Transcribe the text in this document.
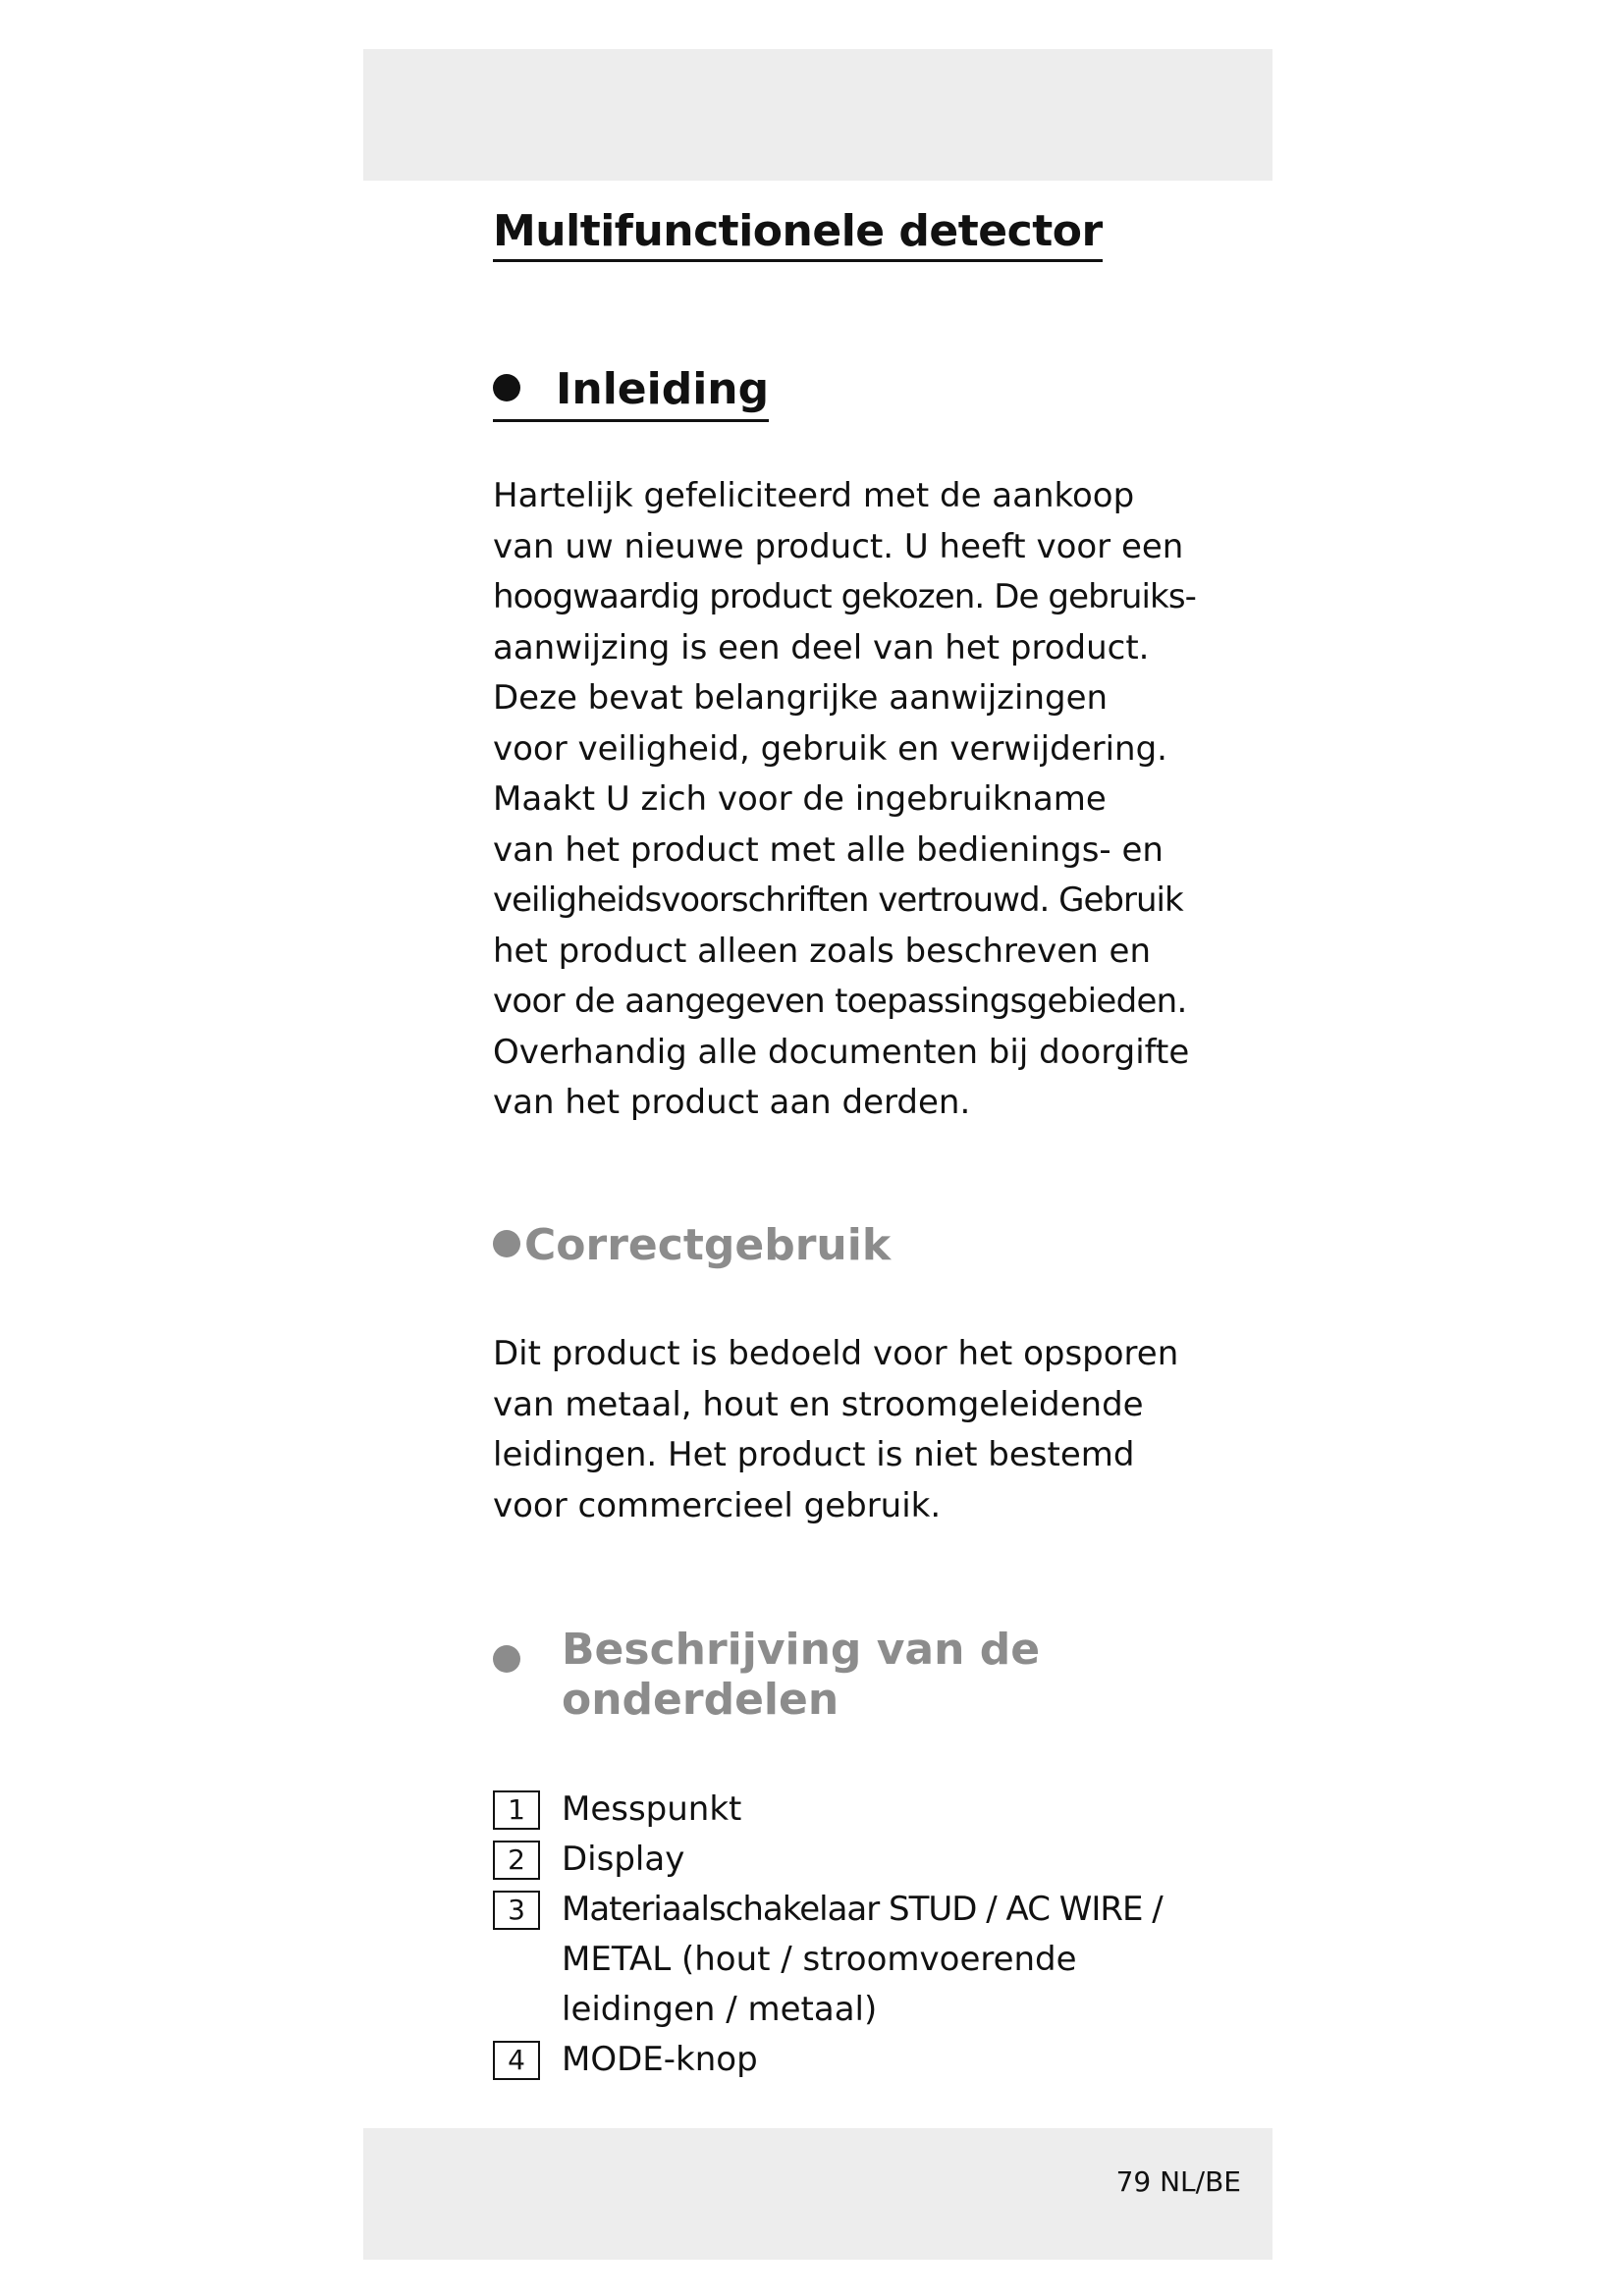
Multifunctionele detector
Inleiding

Hartelijk gefeliciteerd met de aankoop
van uw nieuwe product. U heeft voor een
hoogwaardig product gekozen. De gebruiks-
aanwijzing is een deel van het product.
Deze bevat belangrijke aanwijzingen
voor veiligheid, gebruik en verwijdering.
Maakt U zich voor de ingebruikname
van het product met alle bedienings- en
veiligheidsvoorschriften vertrouwd. Gebruik
het product alleen zoals beschreven en
voor de aangegeven toepassingsgebieden.
Overhandig alle documenten bij doorgifte
van het product aan derden.

Correctgebruik

Dit product is bedoeld voor het opsporen
van metaal, hout en stroomgeleidende
leidingen. Het product is niet bestemd
voor commercieel gebruik.

Beschrijving van de
onderdelen
1	Messpunkt
2	Display
3	Materiaalschakelaar STUD / AC WIRE /
METAL (hout / stroomvoerende
leidingen / metaal)
4	MODE-knop
79 NL/BE
